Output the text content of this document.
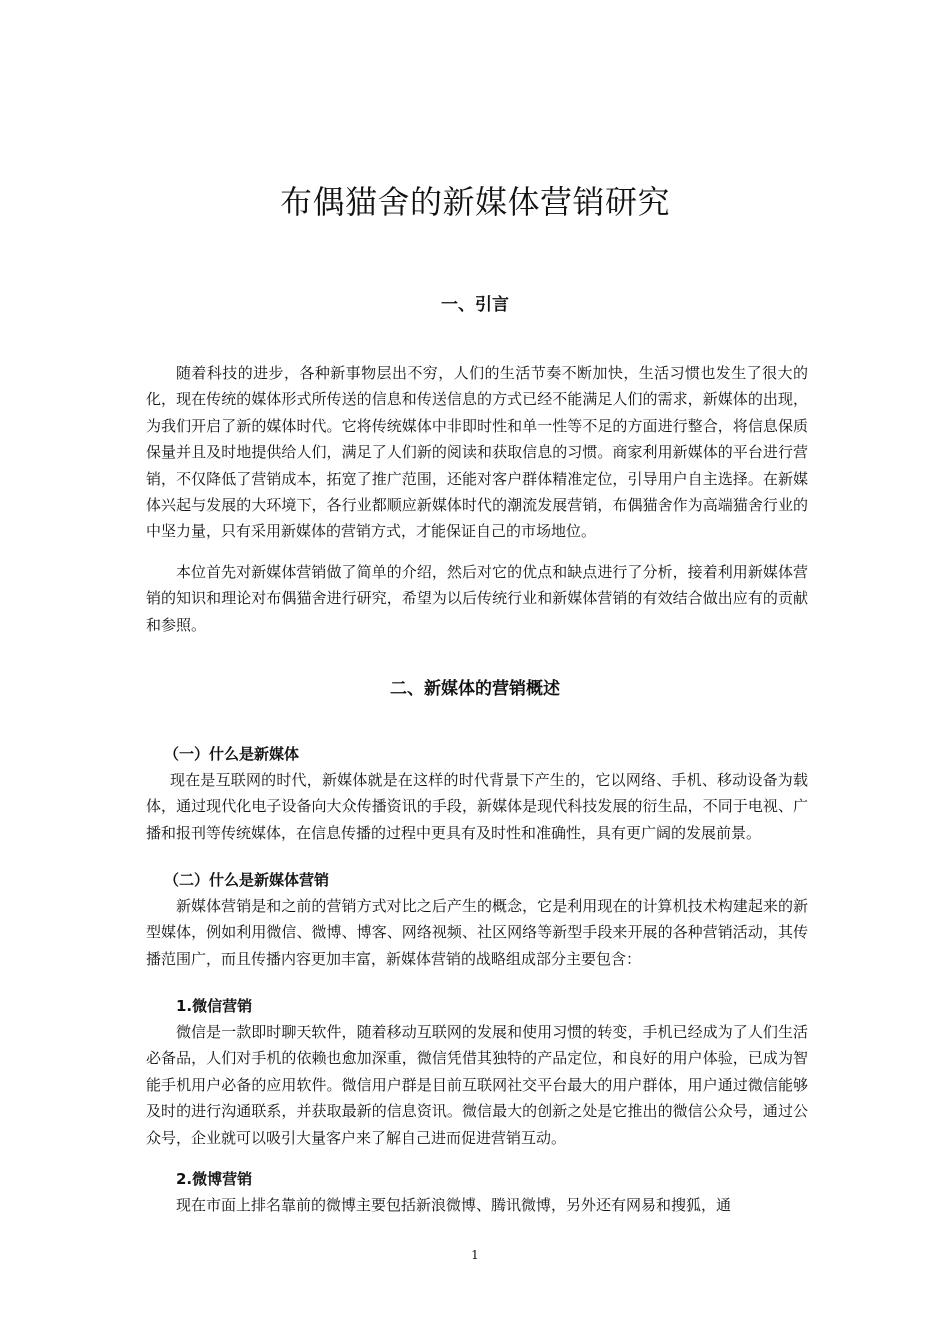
布偶猫舍的新媒体营销研究
一、引言

随着科技的进步，各种新事物层出不穷，人们的生活节奏不断加快，生活习惯也发生了很大的化，现在传统的媒体形式所传送的信息和传送信息的方式已经不能满足人们的需求，新媒体的出现，为我们开启了新的媒体时代。它将传统媒体中非即时性和单一性等不足的方面进行整合，将信息保质保量并且及时地提供给人们，满足了人们新的阅读和获取信息的习惯。商家利用新媒体的平台进行营销，不仅降低了营销成本，拓宽了推广范围，还能对客户群体精准定位，引导用户自主选择。在新媒体兴起与发展的大环境下，各行业都顺应新媒体时代的潮流发展营销，布偶猫舍作为高端猫舍行业的中坚力量，只有采用新媒体的营销方式，才能保证自己的市场地位。

本位首先对新媒体营销做了简单的介绍，然后对它的优点和缺点进行了分析，接着利用新媒体营销的知识和理论对布偶猫舍进行研究，希望为以后传统行业和新媒体营销的有效结合做出应有的贡献和参照。

二、新媒体的营销概述
（一）什么是新媒体

现在是互联网的时代，新媒体就是在这样的时代背景下产生的，它以网络、手机、移动设备为载体，通过现代化电子设备向大众传播资讯的手段，新媒体是现代科技发展的衍生品，不同于电视、广播和报刊等传统媒体，在信息传播的过程中更具有及时性和准确性，具有更广阔的发展前景。

（二）什么是新媒体营销

新媒体营销是和之前的营销方式对比之后产生的概念，它是利用现在的计算机技术构建起来的新型媒体，例如利用微信、微博、博客、网络视频、社区网络等新型手段来开展的各种营销活动，其传播范围广，而且传播内容更加丰富，新媒体营销的战略组成部分主要包含：

1.微信营销

微信是一款即时聊天软件，随着移动互联网的发展和使用习惯的转变，手机已经成为了人们生活必备品，人们对手机的依赖也愈加深重，微信凭借其独特的产品定位，和良好的用户体验，已成为智能手机用户必备的应用软件。微信用户群是目前互联网社交平台最大的用户群体，用户通过微信能够及时的进行沟通联系，并获取最新的信息资讯。微信最大的创新之处是它推出的微信公众号，通过公众号，企业就可以吸引大量客户来了解自己进而促进营销互动。

2.微博营销

现在市面上排名靠前的微博主要包括新浪微博、腾讯微博，另外还有网易和搜狐，通

1
